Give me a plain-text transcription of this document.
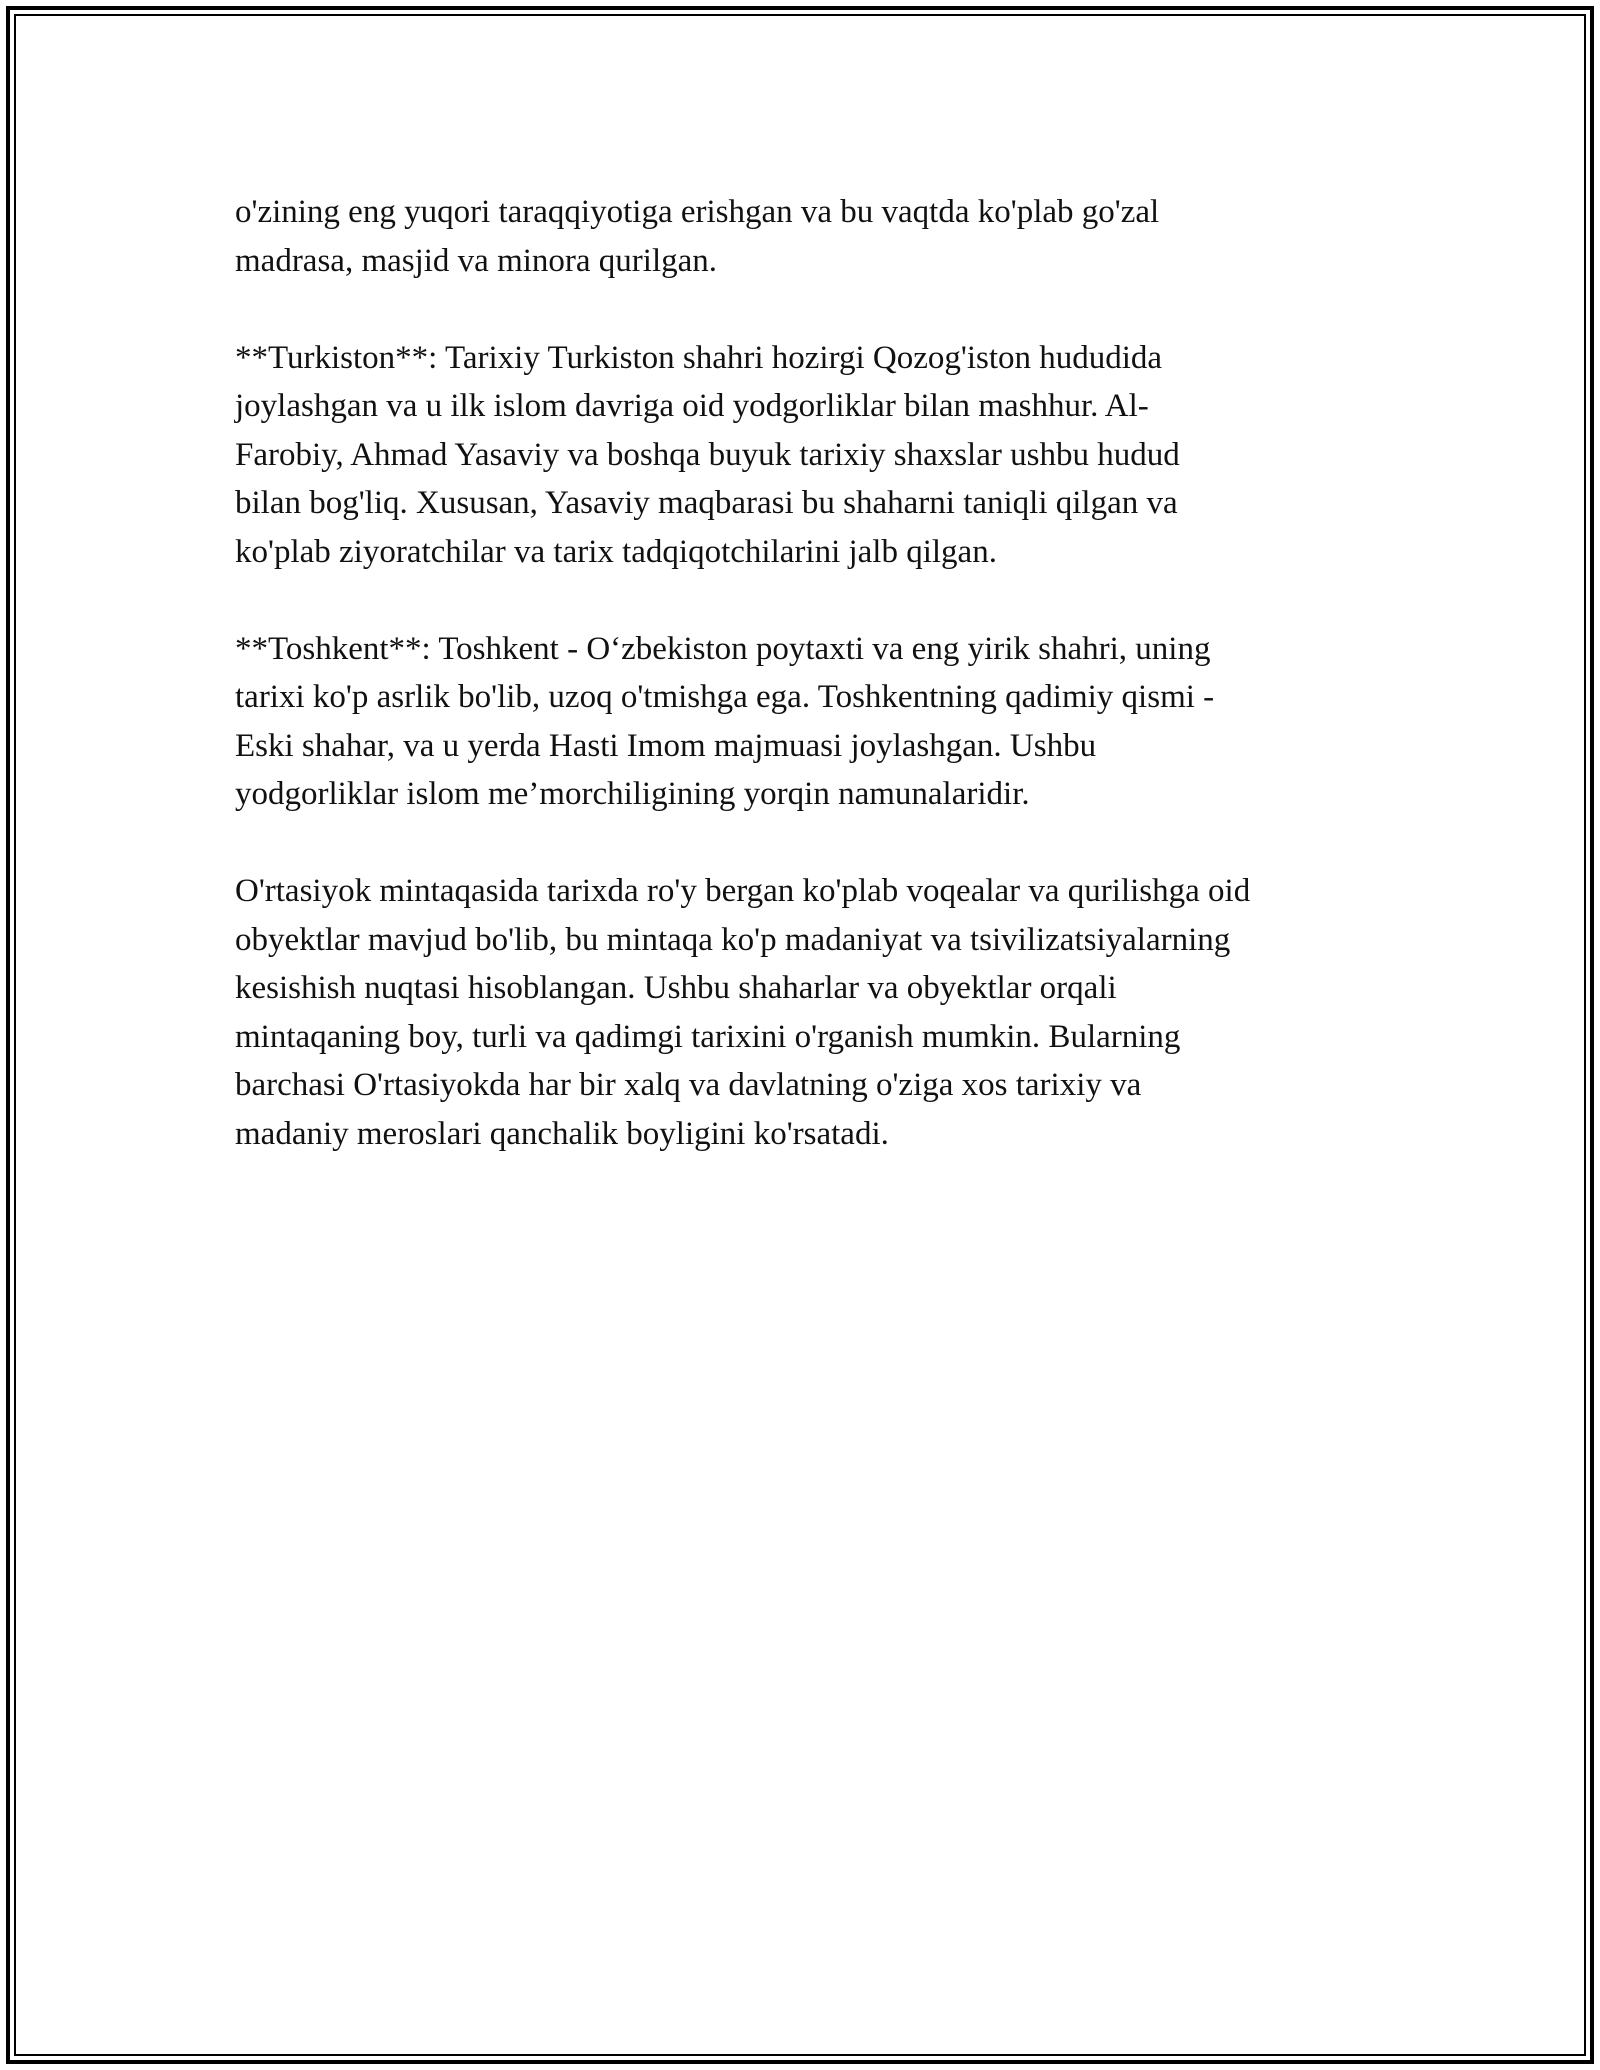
o'zining eng yuqori taraqqiyotiga erishgan va bu vaqtda ko'plab go'zal
madrasa, masjid va minora qurilgan.

**Turkiston**: Tarixiy Turkiston shahri hozirgi Qozog'iston hududida
joylashgan va u ilk islom davriga oid yodgorliklar bilan mashhur. Al-
Farobiy, Ahmad Yasaviy va boshqa buyuk tarixiy shaxslar ushbu hudud
bilan bog'liq. Xususan, Yasaviy maqbarasi bu shaharni taniqli qilgan va
ko'plab ziyoratchilar va tarix tadqiqotchilarini jalb qilgan.

**Toshkent**: Toshkent - O‘zbekiston poytaxti va eng yirik shahri, uning
tarixi ko'p asrlik bo'lib, uzoq o'tmishga ega. Toshkentning qadimiy qismi -
Eski shahar, va u yerda Hasti Imom majmuasi joylashgan. Ushbu
yodgorliklar islom me’morchiligining yorqin namunalaridir.

O'rtasiyok mintaqasida tarixda ro'y bergan ko'plab voqealar va qurilishga oid
obyektlar mavjud bo'lib, bu mintaqa ko'p madaniyat va tsivilizatsiyalarning
kesishish nuqtasi hisoblangan. Ushbu shaharlar va obyektlar orqali
mintaqaning boy, turli va qadimgi tarixini o'rganish mumkin. Bularning
barchasi O'rtasiyokda har bir xalq va davlatning o'ziga xos tarixiy va
madaniy meroslari qanchalik boyligini ko'rsatadi.
